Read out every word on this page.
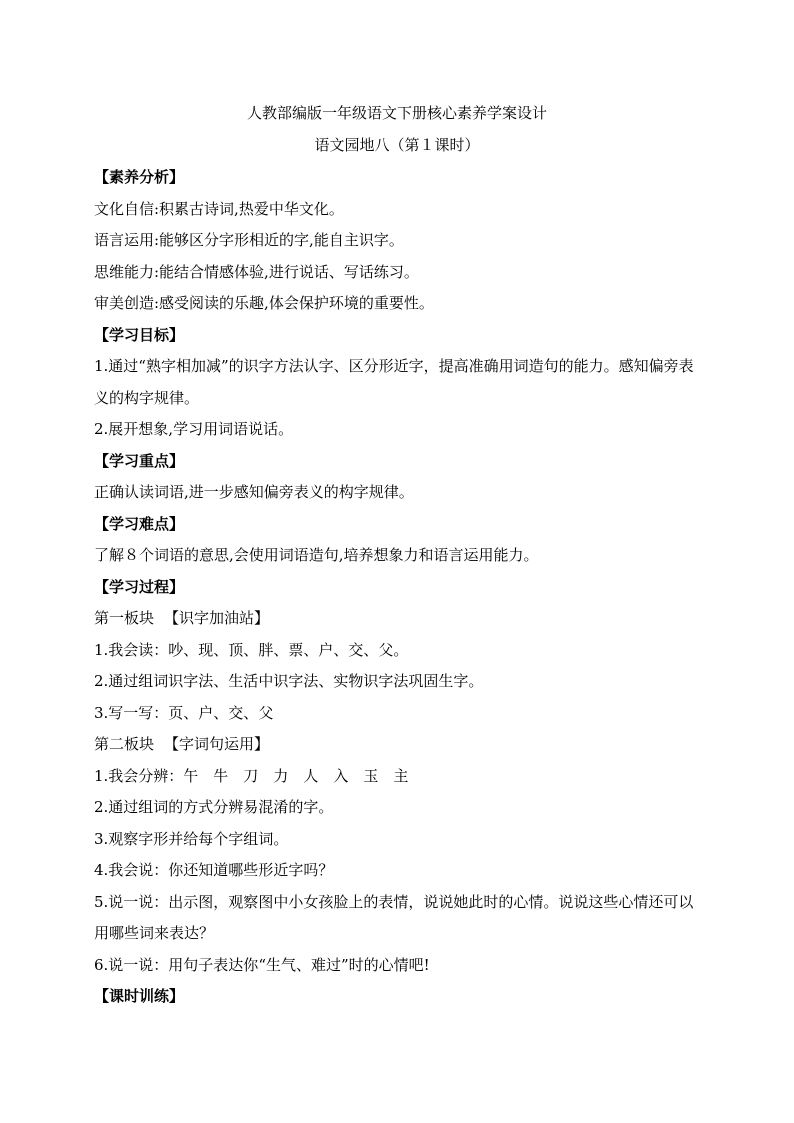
人教部编版一年级语文下册核心素养学案设计
语文园地八（第１课时）
【素养分析】
文化自信:积累古诗词,热爱中华文化。
语言运用:能够区分字形相近的字,能自主识字。
思维能力:能结合情感体验,进行说话、写话练习。
审美创造:感受阅读的乐趣,体会保护环境的重要性。
【学习目标】
1.通过“熟字相加减”的识字方法认字、区分形近字，提高准确用词造句的能力。感知偏旁表义的构字规律。
2.展开想象,学习用词语说话。
【学习重点】
正确认读词语,进一步感知偏旁表义的构字规律。
【学习难点】
了解８个词语的意思,会使用词语造句,培养想象力和语言运用能力。
【学习过程】
第一板块 【识字加油站】
1.我会读：吵、现、顶、胖、票、户、交、父。
2.通过组词识字法、生活中识字法、实物识字法巩固生字。
3.写一写：页、户、交、父
第二板块 【字词句运用】
1.我会分辨：午　牛　刀　力　人　入　玉　主
2.通过组词的方式分辨易混淆的字。
3.观察字形并给每个字组词。
4.我会说：你还知道哪些形近字吗？
5.说一说：出示图，观察图中小女孩脸上的表情，说说她此时的心情。说说这些心情还可以用哪些词来表达？
6.说一说：用句子表达你“生气、难过”时的心情吧!
【课时训练】
